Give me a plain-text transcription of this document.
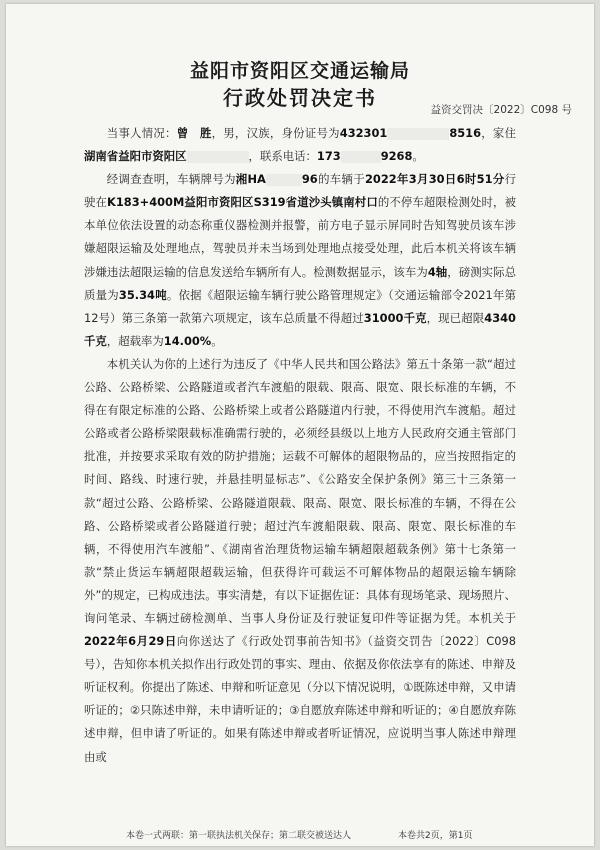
益阳市资阳区交通运输局
行政处罚决定书	益资交罚决〔2022〕C098 号

当事人情况：曾　胜，男，汉族，身份证号为432301	8516，家住湖南省益阳市资阳区	，联系电话：173	9268。

经调查查明，车辆牌号为湘HA	96的车辆于2022年3月30日6时51分行驶在K183+400M益阳市资阳区S319省道沙头镇南村口的不停车超限检测处时，被本单位依法设置的动态称重仪器检测并报警，前方电子显示屏同时告知驾驶员该车涉嫌超限运输及处理地点，驾驶员并未当场到处理地点接受处理，此后本机关将该车辆涉嫌违法超限运输的信息发送给车辆所有人。检测数据显示，该车为4轴，磅测实际总质量为35.34吨。依据《超限运输车辆行驶公路管理规定》（交通运输部令2021年第12号）第三条第一款第六项规定，该车总质量不得超过31000千克，现已超限4340千克，超载率为14.00%。

本机关认为你的上述行为违反了《中华人民共和国公路法》第五十条第一款“超过公路、公路桥梁、公路隧道或者汽车渡船的限载、限高、限宽、限长标准的车辆，不得在有限定标准的公路、公路桥梁上或者公路隧道内行驶，不得使用汽车渡船。超过公路或者公路桥梁限载标准确需行驶的，必须经县级以上地方人民政府交通主管部门批准，并按要求采取有效的防护措施；运载不可解体的超限物品的，应当按照指定的时间、路线、时速行驶，并悬挂明显标志”、《公路安全保护条例》第三十三条第一款“超过公路、公路桥梁、公路隧道限载、限高、限宽、限长标准的车辆，不得在公路、公路桥梁或者公路隧道行驶；超过汽车渡船限载、限高、限宽、限长标准的车辆，不得使用汽车渡船”、《湖南省治理货物运输车辆超限超载条例》第十七条第一款“禁止货运车辆超限超载运输，但获得许可载运不可解体物品的超限运输车辆除外”的规定，已构成违法。事实清楚，有以下证据佐证：具体有现场笔录、现场照片、询问笔录、车辆过磅检测单、当事人身份证及行驶证复印件等证据为凭。本机关于2022年6月29日向你送达了《行政处罚事前告知书》（益资交罚告〔2022〕C098号），告知你本机关拟作出行政处罚的事实、理由、依据及你依法享有的陈述、申辩及听证权利。你提出了陈述、申辩和听证意见（分以下情况说明，①既陈述申辩，又申请听证的；②只陈述申辩，未申请听证的；③自愿放弃陈述申辩和听证的；④自愿放弃陈述申辩，但申请了听证的。如果有陈述申辩或者听证情况，应说明当事人陈述申辩理由或

本卷一式两联：第一联执法机关保存；第二联交被送达人	本卷共2页，第1页
